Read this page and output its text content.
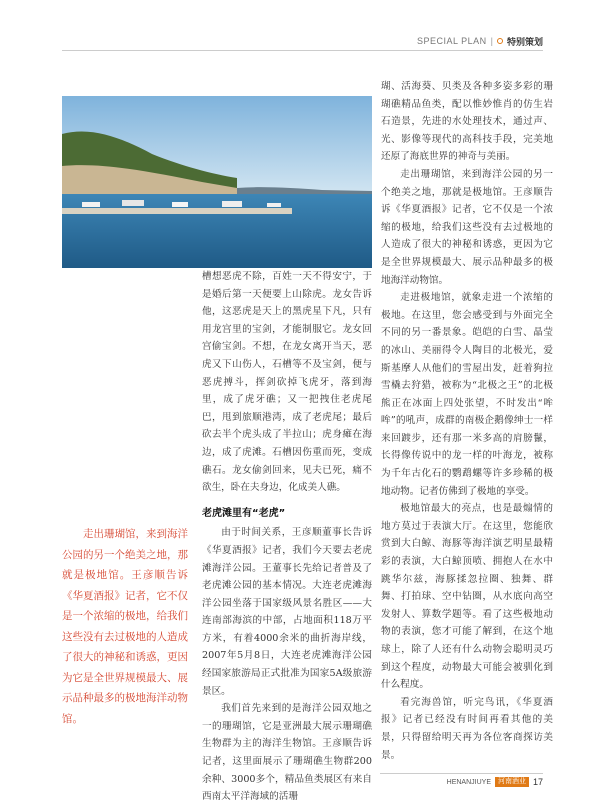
SPECIAL PLAN | 特别策划

槽想恶虎不除，百姓一天不得安宁，于是婚后第一天便要上山除虎。龙女告诉他，这恶虎是天上的黑虎星下凡，只有用龙宫里的宝剑，才能制服它。龙女回宫偷宝剑。不想，在龙女离开当天，恶虎又下山伤人，石槽等不及宝剑，便与恶虎搏斗，挥剑砍掉飞虎牙，落到海里，成了虎牙礁；又一把拽住老虎尾巴，甩到旅顺港湾，成了老虎尾；最后砍去半个虎头成了半拉山；虎身瘫在海边，成了虎滩。石槽因伤重而死，变成礁石。龙女偷剑回来，见夫已死，痛不欲生，卧在夫身边，化成美人礁。

老虎滩里有“老虎”

由于时间关系，王彦顺董事长告诉《华夏酒报》记者，我们今天要去老虎滩海洋公园。王董事长先给记者普及了老虎滩公园的基本情况。大连老虎滩海洋公园坐落于国家级风景名胜区——大连南部海滨的中部，占地面积118万平方米，有着4000余米的曲折海岸线，2007年5月8日，大连老虎滩海洋公园经国家旅游局正式批准为国家5A级旅游景区。

我们首先来到的是海洋公园双地之一的珊瑚馆，它是亚洲最大展示珊瑚礁生物群为主的海洋生物馆。王彦顺告诉记者，这里面展示了珊瑚礁生物群200余种、3000多个，精品鱼类展区有来自西南太平洋海域的活珊

瑚、活海葵、贝类及各种多姿多彩的珊瑚礁精品鱼类，配以惟妙惟肖的仿生岩石造景，先进的水处理技术，通过声、光、影像等现代的高科技手段，完美地还原了海底世界的神奇与美丽。

走出珊瑚馆，来到海洋公园的另一个绝美之地，那就是极地馆。王彦顺告诉《华夏酒报》记者，它不仅是一个浓缩的极地，给我们这些没有去过极地的人造成了很大的神秘和诱惑，更因为它是全世界规模最大、展示品种最多的极地海洋动物馆。

走进极地馆，就象走进一个浓缩的极地。在这里，您会感受到与外面完全不同的另一番景象。皑皑的白雪、晶莹的冰山、美丽得令人陶目的北极光，爱斯基摩人从他们的雪屋出发，赶着狗拉雪橇去狩猎，被称为“北极之王”的北极熊正在冰面上四处张望，不时发出“哞哞”的吼声，成群的南极企鹅像绅士一样来回踱步，还有那一米多高的肩膀鬣，长得像传说中的龙一样的叶海龙，被称为千年古化石的鹦鹉螺等许多珍稀的极地动物。记者仿佛到了极地的享受。

极地馆最大的亮点，也是最煽情的地方莫过于表演大厅。在这里，您能欣赏到大白鲸、海豚等海洋演艺明星最精彩的表演，大白鲸顶喷、拥抱人在水中跳华尔兹，海豚揉忽拉圈、独舞、群舞、打拍球、空中钻圈，从水底向高空发射人、算数学题等。看了这些极地动物的表演，您才可能了解到，在这个地球上，除了人还有什么动物会聪明灵巧到这个程度，动物最大可能会被驯化到什么程度。

看完海兽馆，听完鸟讯，《华夏酒报》记者已经没有时间再看其他的美景，只得留给明天再为各位客商探访美景。

走出珊瑚馆，来到海洋公园的另一个绝美之地，那就是极地馆。王彦顺告诉《华夏酒报》记者，它不仅是一个浓缩的极地，给我们这些没有去过极地的人造成了很大的神秘和诱惑，更因为它是全世界规模最大、展示品种最多的极地海洋动物馆。

HENANJIUYE	河南酒业 17
